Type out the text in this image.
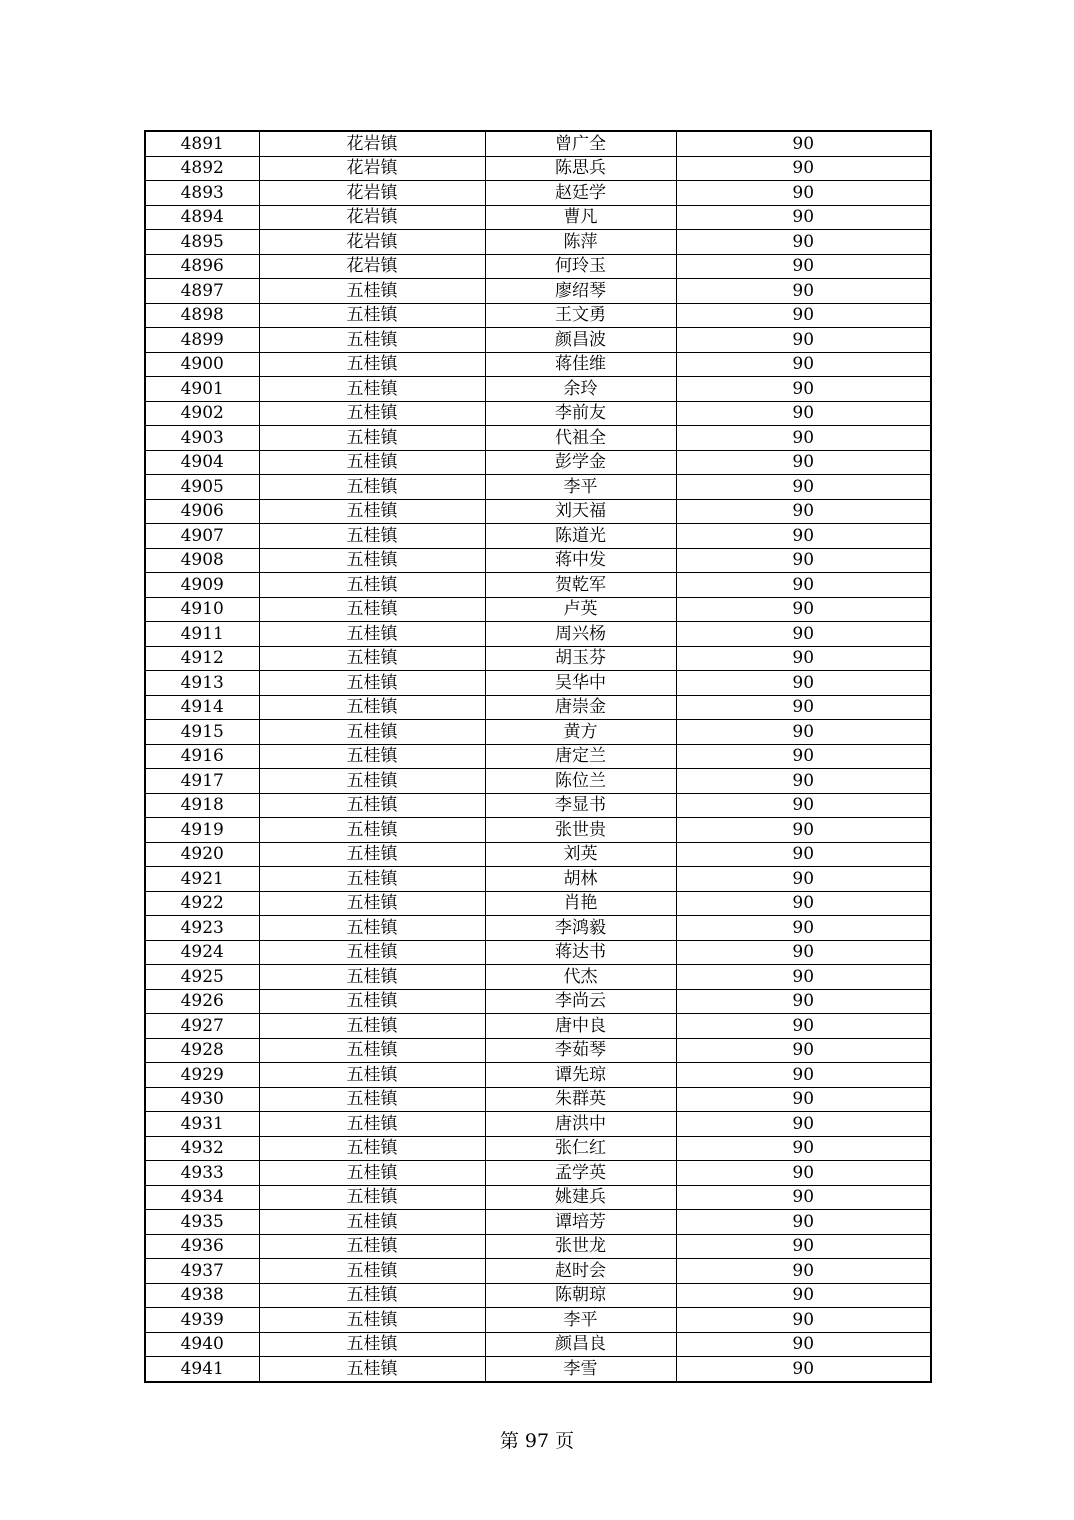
4891	花岩镇	曾广全	90
4892	花岩镇	陈思兵	90
4893	花岩镇	赵廷学	90
4894	花岩镇	曹凡	90
4895	花岩镇	陈萍	90
4896	花岩镇	何玲玉	90
4897	五桂镇	廖绍琴	90
4898	五桂镇	王文勇	90
4899	五桂镇	颜昌波	90
4900	五桂镇	蒋佳维	90
4901	五桂镇	余玲	90
4902	五桂镇	李前友	90
4903	五桂镇	代祖全	90
4904	五桂镇	彭学金	90
4905	五桂镇	李平	90
4906	五桂镇	刘天福	90
4907	五桂镇	陈道光	90
4908	五桂镇	蒋中发	90
4909	五桂镇	贺乾军	90
4910	五桂镇	卢英	90
4911	五桂镇	周兴杨	90
4912	五桂镇	胡玉芬	90
4913	五桂镇	吴华中	90
4914	五桂镇	唐崇金	90
4915	五桂镇	黄方	90
4916	五桂镇	唐定兰	90
4917	五桂镇	陈位兰	90
4918	五桂镇	李显书	90
4919	五桂镇	张世贵	90
4920	五桂镇	刘英	90
4921	五桂镇	胡林	90
4922	五桂镇	肖艳	90
4923	五桂镇	李鸿毅	90
4924	五桂镇	蒋达书	90
4925	五桂镇	代杰	90
4926	五桂镇	李尚云	90
4927	五桂镇	唐中良	90
4928	五桂镇	李茹琴	90
4929	五桂镇	谭先琼	90
4930	五桂镇	朱群英	90
4931	五桂镇	唐洪中	90
4932	五桂镇	张仁红	90
4933	五桂镇	孟学英	90
4934	五桂镇	姚建兵	90
4935	五桂镇	谭培芳	90
4936	五桂镇	张世龙	90
4937	五桂镇	赵时会	90
4938	五桂镇	陈朝琼	90
4939	五桂镇	李平	90
4940	五桂镇	颜昌良	90
4941	五桂镇	李雪	90
第 97 页
